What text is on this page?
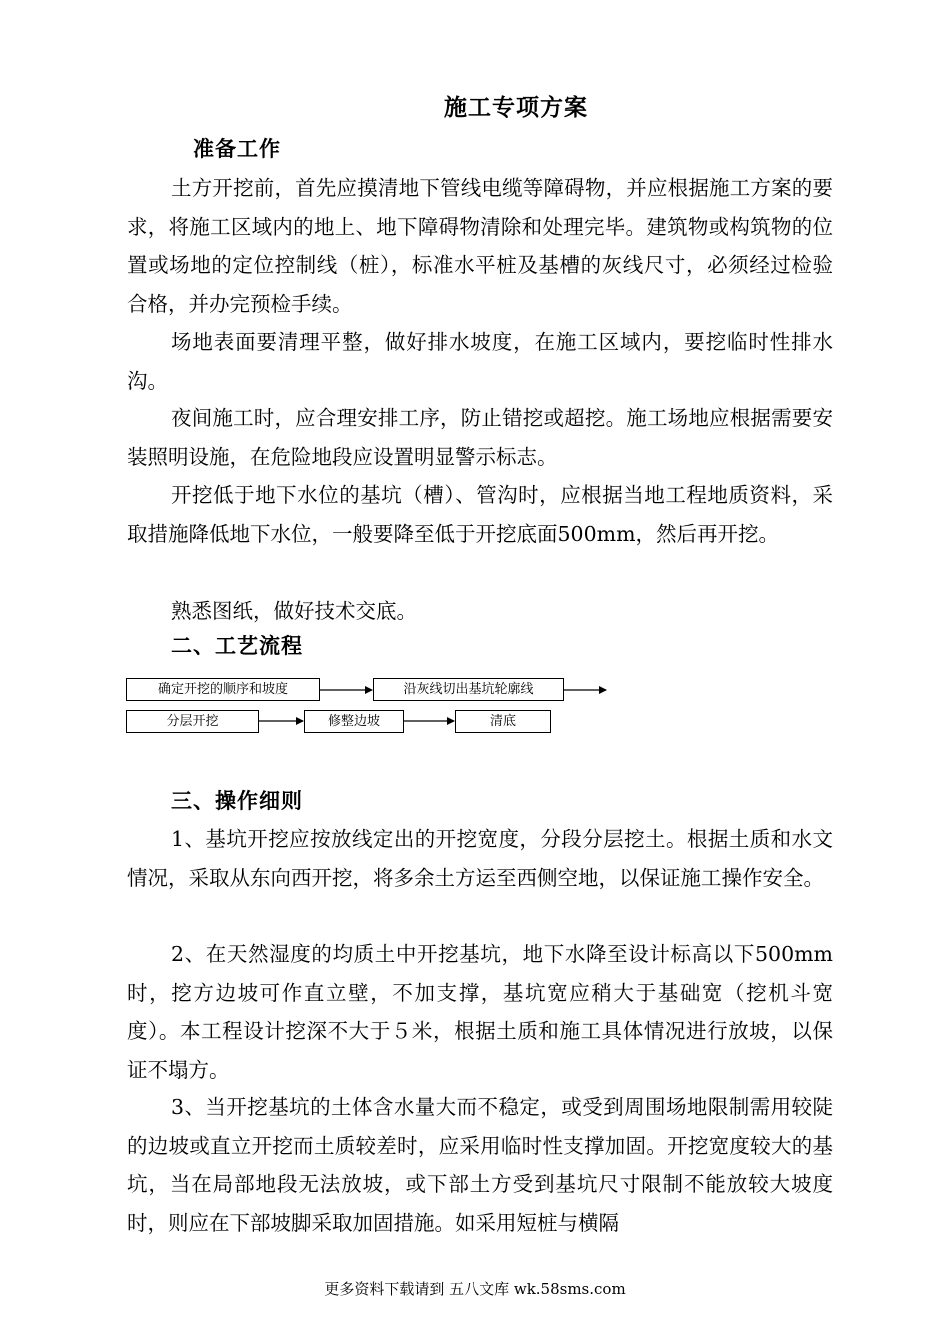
施工专项方案
准备工作

土方开挖前，首先应摸清地下管线电缆等障碍物，并应根据施工方案的要求，将施工区域内的地上、地下障碍物清除和处理完毕。建筑物或构筑物的位置或场地的定位控制线（桩），标准水平桩及基槽的灰线尺寸，必须经过检验合格，并办完预检手续。

场地表面要清理平整，做好排水坡度，在施工区域内，要挖临时性排水沟。

夜间施工时，应合理安排工序，防止错挖或超挖。施工场地应根据需要安装照明设施，在危险地段应设置明显警示标志。

开挖低于地下水位的基坑（槽）、管沟时，应根据当地工程地质资料，采取措施降低地下水位，一般要降至低于开挖底面500mm，然后再开挖。

熟悉图纸，做好技术交底。

二、工艺流程
确定开挖的顺序和坡度	沿灰线切出基坑轮廓线
分层开挖	修整边坡	清底
三、操作细则

1、基坑开挖应按放线定出的开挖宽度，分段分层挖土。根据土质和水文情况，采取从东向西开挖，将多余土方运至西侧空地，以保证施工操作安全。

2、在天然湿度的均质土中开挖基坑，地下水降至设计标高以下500mm时，挖方边坡可作直立壁，不加支撑，基坑宽应稍大于基础宽（挖机斗宽度）。本工程设计挖深不大于５米，根据土质和施工具体情况进行放坡，以保证不塌方。

3、当开挖基坑的土体含水量大而不稳定，或受到周围场地限制需用较陡的边坡或直立开挖而土质较差时，应采用临时性支撑加固。开挖宽度较大的基坑，当在局部地段无法放坡，或下部土方受到基坑尺寸限制不能放较大坡度时，则应在下部坡脚采取加固措施。如采用短桩与横隔

更多资料下载请到 五八文库 wk.58sms.com
